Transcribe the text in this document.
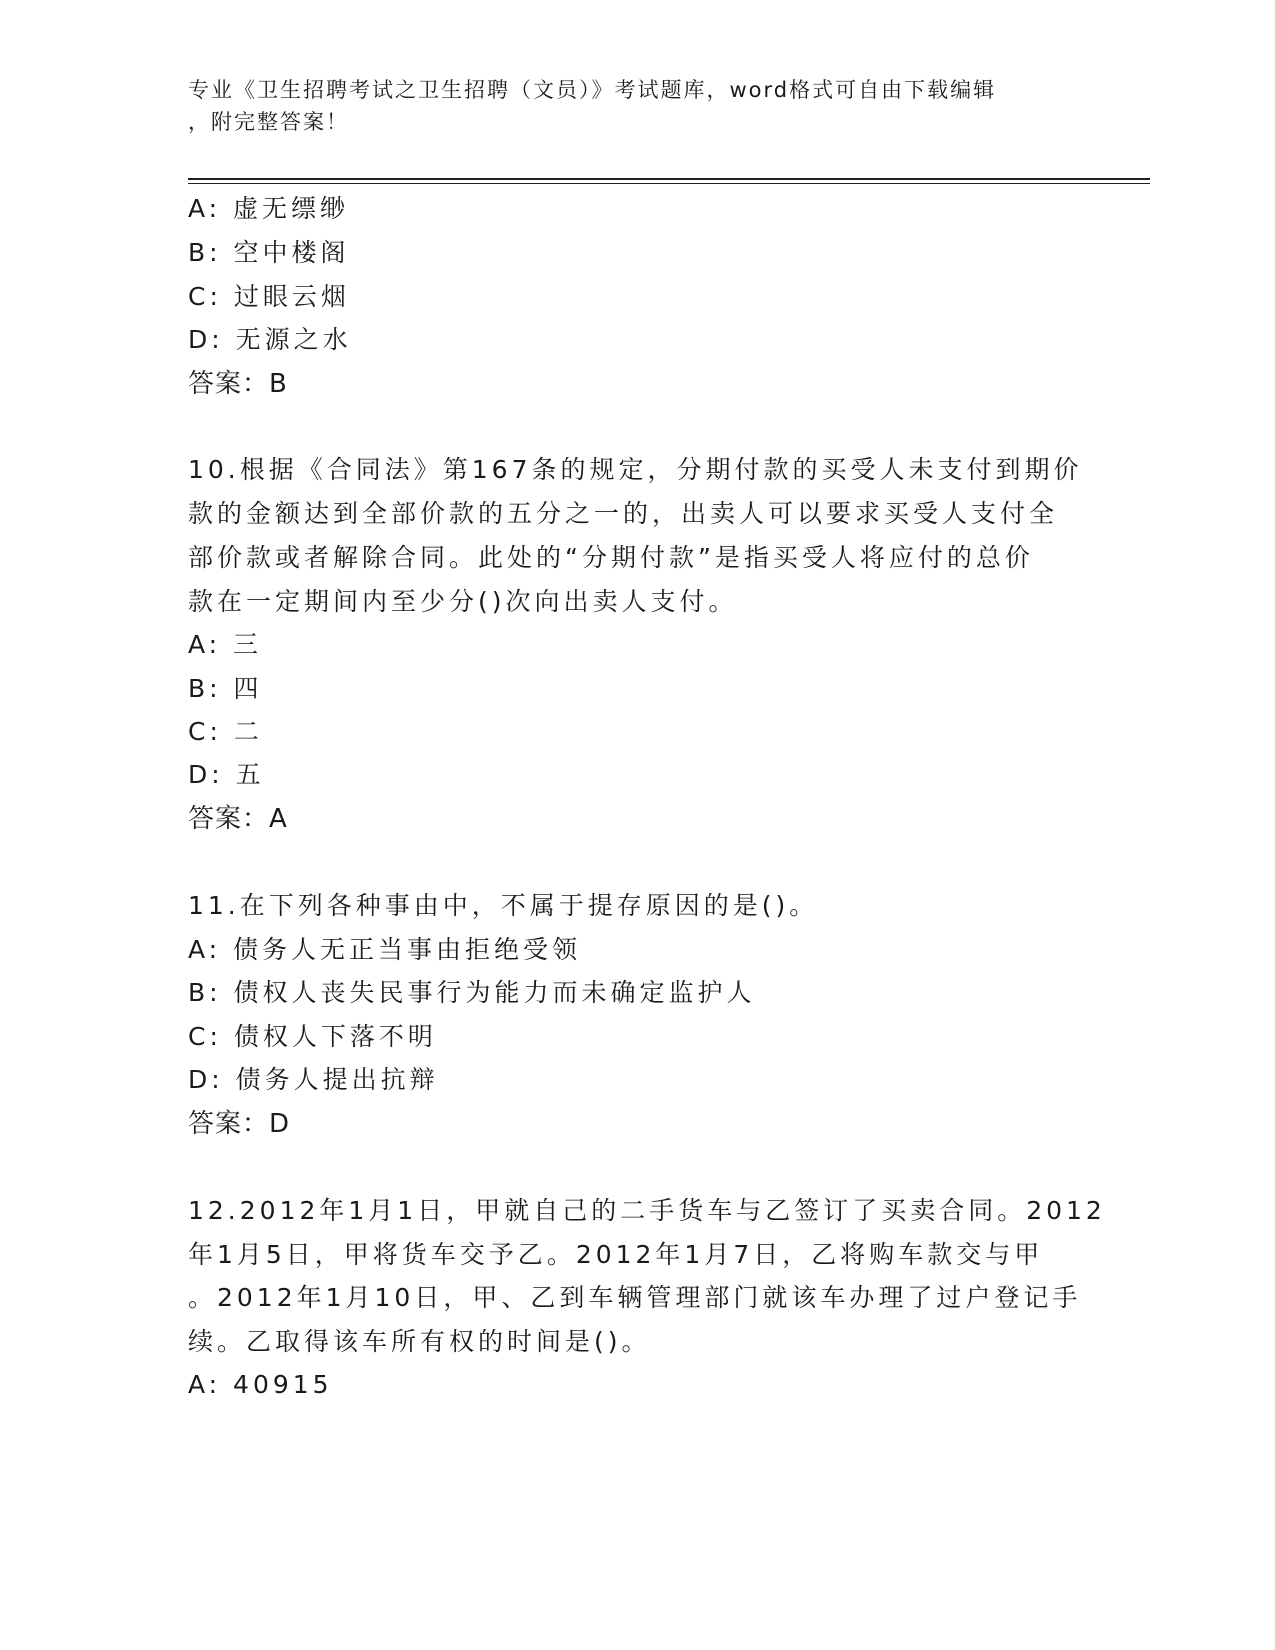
专业《卫生招聘考试之卫生招聘（文员）》考试题库，word格式可自由下载编辑
，附完整答案！
A: 虚无缥缈
B: 空中楼阁
C: 过眼云烟
D: 无源之水
答案：B
10.根据《合同法》第167条的规定，分期付款的买受人未支付到期价
款的金额达到全部价款的五分之一的，出卖人可以要求买受人支付全
部价款或者解除合同。此处的“分期付款”是指买受人将应付的总价
款在一定期间内至少分()次向出卖人支付。
A: 三
B: 四
C: 二
D: 五
答案：A
11.在下列各种事由中，不属于提存原因的是()。
A: 债务人无正当事由拒绝受领
B: 债权人丧失民事行为能力而未确定监护人
C: 债权人下落不明
D: 债务人提出抗辩
答案：D
12.2012年1月1日，甲就自己的二手货车与乙签订了买卖合同。2012
年1月5日，甲将货车交予乙。2012年1月7日，乙将购车款交与甲
。2012年1月10日，甲、乙到车辆管理部门就该车办理了过户登记手
续。乙取得该车所有权的时间是()。
A: 40915
